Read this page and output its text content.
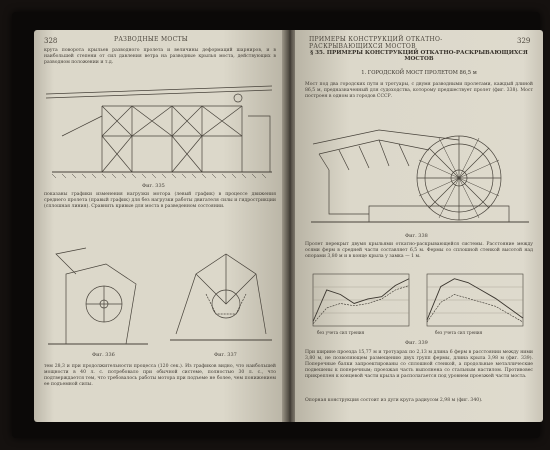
328	РАЗВОДНЫЕ МОСТЫ
крута поворота крыльев разводного пролета и величины деформаций шарниров, и в наибольшей степени от сил давления ветра на разводные крылья моста, действующих в разводном положении и т.д.
Фиг. 335
показаны графики изменения нагрузки мотора (левый график) в процессе движения среднего пролета (правый график) для без нагрузки работы двигателя силы и гидрострикции (сплошная линия). Сравнить кривые для моста в разведенном состоянии.
Фиг. 336	Фиг. 337
тем 28,3 и при продолжительности процесса (120 сек.). Из графиков видно, что наибольшей мощности в 40 л. с. потребовало при обычной системе, полностью 30 л. с., что подтверждается тем, что требовалось работы мотора при подъеме не более, чем понижением ее подъемной силы.
ПРИМЕРЫ КОНСТРУКЦИЙ ОТКАТНО-РАСКРЫВАЮЩИХСЯ МОСТОВ
329
§ 35. ПРИМЕРЫ КОНСТРУКЦИЙ ОТКАТНО-РАСКРЫВАЮЩИХСЯ МОСТОВ
1. ГОРОДСКОЙ МОСТ ПРОЛЕТОМ 86,5 м
Мост под два городских пути и тротуары, с двумя разводными пролетами, каждый длиной 86,5 м, предназначенный для судоходства, которому предшествует пролет (фиг. 338). Мост построен в одном из городов СССР.
Фиг. 338
Пролет перекрыт двумя крыльями откатно-раскрывающейся системы. Расстояние между осями ферм в средней части составляет 6,5 м. Фермы со сплошной стенкой высотой над опорами 3,80 м и в конце крыла у замка — 1 м.
без учета сил трения	без учета сил трения
Фиг. 339
При ширине проезда 15,77 м и тротуарах по 2,13 м длина 6 ферм в расстоянии между ними 3,80 м, не позволяющем размещению двух групп фермы, длина крыла 3,98 м (фиг. 339). Поперечные балки запроектированы со сплошной стенкой, а продольные металлические подвешены к поперечным; проезжая часть выполнена со стальным настилом. Противовес прикреплен к концевой части крыла и располагается под уровнем проезжей части моста.
Опорная конструкция состоит из дуги круга радиусом 2,98 м (фиг. 340).
